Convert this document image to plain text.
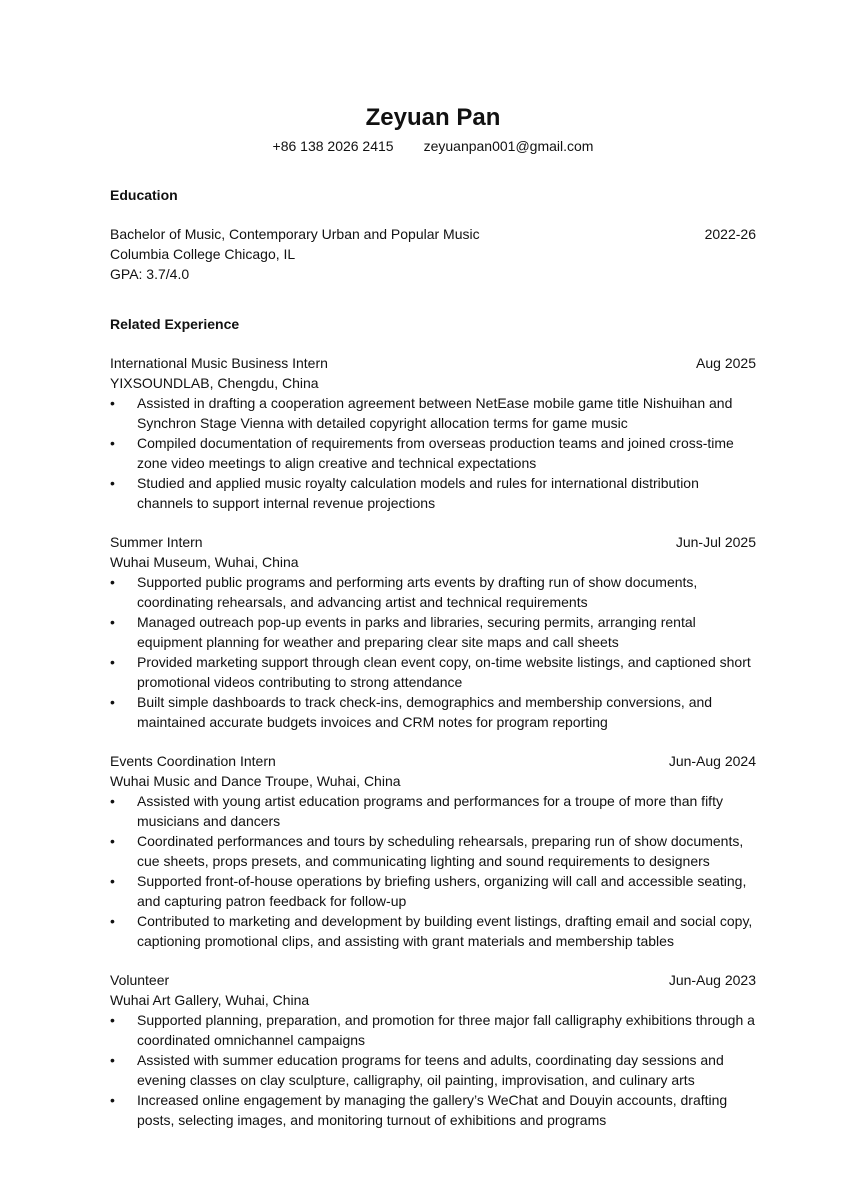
Zeyuan Pan
+86 138 2026 2415 zeyuanpan001@gmail.com
Education
Bachelor of Music, Contemporary Urban and Popular Music	2022-26
Columbia College Chicago, IL
GPA: 3.7/4.0
Related Experience
International Music Business Intern	Aug 2025
YIXSOUNDLAB, Chengdu, China
• Assisted in drafting a cooperation agreement between NetEase mobile game title Nishuihan and Synchron Stage Vienna with detailed copyright allocation terms for game music
• Compiled documentation of requirements from overseas production teams and joined cross-time zone video meetings to align creative and technical expectations
• Studied and applied music royalty calculation models and rules for international distribution channels to support internal revenue projections
Summer Intern	Jun-Jul 2025
Wuhai Museum, Wuhai, China
• Supported public programs and performing arts events by drafting run of show documents, coordinating rehearsals, and advancing artist and technical requirements
• Managed outreach pop-up events in parks and libraries, securing permits, arranging rental equipment planning for weather and preparing clear site maps and call sheets
• Provided marketing support through clean event copy, on-time website listings, and captioned short promotional videos contributing to strong attendance
• Built simple dashboards to track check-ins, demographics and membership conversions, and maintained accurate budgets invoices and CRM notes for program reporting
Events Coordination Intern	Jun-Aug 2024
Wuhai Music and Dance Troupe, Wuhai, China
• Assisted with young artist education programs and performances for a troupe of more than fifty musicians and dancers
• Coordinated performances and tours by scheduling rehearsals, preparing run of show documents, cue sheets, props presets, and communicating lighting and sound requirements to designers
• Supported front-of-house operations by briefing ushers, organizing will call and accessible seating, and capturing patron feedback for follow-up
• Contributed to marketing and development by building event listings, drafting email and social copy, captioning promotional clips, and assisting with grant materials and membership tables
Volunteer	Jun-Aug 2023
Wuhai Art Gallery, Wuhai, China
• Supported planning, preparation, and promotion for three major fall calligraphy exhibitions through a coordinated omnichannel campaigns
• Assisted with summer education programs for teens and adults, coordinating day sessions and evening classes on clay sculpture, calligraphy, oil painting, improvisation, and culinary arts
• Increased online engagement by managing the gallery’s WeChat and Douyin accounts, drafting posts, selecting images, and monitoring turnout of exhibitions and programs
